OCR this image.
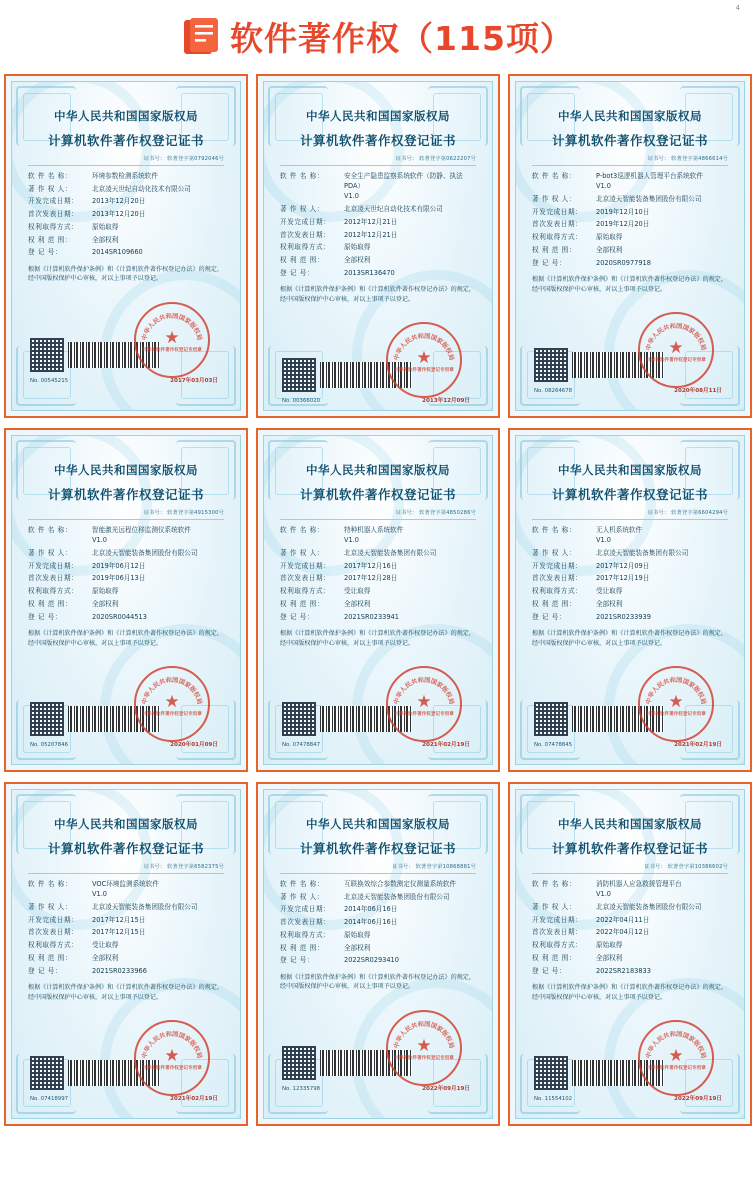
软件著作权（115项）
中华人民共和国国家版权局
计算机软件著作权登记证书
证书号： 软著登字第0792046号
软 件 名 称：	环境参数检测系统软件
著 作 权 人：	北京凌天世纪自动化技术有限公司
开发完成日期：	2013年12月20日
首次发表日期：	2013年12月20日
权利取得方式：	原始取得
权 利 范 围：	全部权利
登 记 号：	2014SR109660
根据《计算机软件保护条例》和《计算机软件著作权登记办法》的规定，经中国版权保护中心审核，对以上事项予以登记。
No. 00545215	2017年03月03日
中华人民共和国国家版权局
★
计算机软件著作权登记专用章
中华人民共和国国家版权局
计算机软件著作权登记证书
证书号： 软著登字第0622207号
软 件 名 称：	安全生产隐患监察系统软件（防静、执法PDA）
V1.0
著 作 权 人：	北京凌天世纪自动化技术有限公司
开发完成日期：	2012年12月21日
首次发表日期：	2012年12月21日
权利取得方式：	原始取得
权 利 范 围：	全部权利
登 记 号：	2013SR136470
根据《计算机软件保护条例》和《计算机软件著作权登记办法》的规定，经中国版权保护中心审核，对以上事项予以登记。
No. 00366020	2013年12月09日
中华人民共和国国家版权局
★
计算机软件著作权登记专用章
中华人民共和国国家版权局
计算机软件著作权登记证书
证书号： 软著登字第4866614号
软 件 名 称：	P-bot3巡逻机器人管理平台系统软件
V1.0
著 作 权 人：	北京凌天智能装备集团股份有限公司
开发完成日期：	2019年12月10日
首次发表日期：	2019年12月20日
权利取得方式：	原始取得
权 利 范 围：	全部权利
登 记 号：	2020SR0977918
根据《计算机软件保护条例》和《计算机软件著作权登记办法》的规定，经中国版权保护中心审核，对以上事项予以登记。
No. 08264678	2020年08月11日
中华人民共和国国家版权局
★
计算机软件著作权登记专用章
中华人民共和国国家版权局
计算机软件著作权登记证书
证书号： 软著登字第4915300号
软 件 名 称：	智能激光远程位移监测仪系统软件
V1.0
著 作 权 人：	北京凌天智能装备集团股份有限公司
开发完成日期：	2019年06月12日
首次发表日期：	2019年06月13日
权利取得方式：	原始取得
权 利 范 围：	全部权利
登 记 号：	2020SR0044513
根据《计算机软件保护条例》和《计算机软件著作权登记办法》的规定，经中国版权保护中心审核，对以上事项予以登记。
No. 05207846	2020年01月09日
中华人民共和国国家版权局
★
计算机软件著作权登记专用章
中华人民共和国国家版权局
计算机软件著作权登记证书
证书号： 软著登字第4850286号
软 件 名 称：	特种机器人系统软件
V1.0
著 作 权 人：	北京凌天智能装备集团有限公司
开发完成日期：	2017年12月16日
首次发表日期：	2017年12月28日
权利取得方式：	受让取得
权 利 范 围：	全部权利
登 记 号：	2021SR0233941
根据《计算机软件保护条例》和《计算机软件著作权登记办法》的规定，经中国版权保护中心审核，对以上事项予以登记。
No. 07478847	2021年02月19日
中华人民共和国国家版权局
★
计算机软件著作权登记专用章
中华人民共和国国家版权局
计算机软件著作权登记证书
证书号： 软著登字第6604294号
软 件 名 称：	无人机系统软件
V1.0
著 作 权 人：	北京凌天智能装备集团有限公司
开发完成日期：	2017年12月09日
首次发表日期：	2017年12月19日
权利取得方式：	受让取得
权 利 范 围：	全部权利
登 记 号：	2021SR0233939
根据《计算机软件保护条例》和《计算机软件著作权登记办法》的规定，经中国版权保护中心审核，对以上事项予以登记。
No. 07478845	2021年02月19日
中华人民共和国国家版权局
★
计算机软件著作权登记专用章
中华人民共和国国家版权局
计算机软件著作权登记证书
证书号： 软著登字第6582375号
软 件 名 称：	VOC环境监测系统软件
V1.0
著 作 权 人：	北京凌天智能装备集团股份有限公司
开发完成日期：	2017年12月15日
首次发表日期：	2017年12月15日
权利取得方式：	受让取得
权 利 范 围：	全部权利
登 记 号：	2021SR0233966
根据《计算机软件保护条例》和《计算机软件著作权登记办法》的规定，经中国版权保护中心审核，对以上事项予以登记。
No. 07418997	2021年02月19日
中华人民共和国国家版权局
★
计算机软件著作权登记专用章
中华人民共和国国家版权局
计算机软件著作权登记证书
证书号： 软著登字第10868881号
软 件 名 称：	互联换效综合参数测定仪测量系统软件
著 作 权 人：	北京凌天智能装备集团股份有限公司
开发完成日期：	2014年06月16日
首次发表日期：	2014年06月16日
权利取得方式：	原始取得
权 利 范 围：	全部权利
登 记 号：	2022SR0293410
根据《计算机软件保护条例》和《计算机软件著作权登记办法》的规定，经中国版权保护中心审核，对以上事项予以登记。
No. 12335798	2022年09月19日
中华人民共和国国家版权局
★
计算机软件著作权登记专用章
中华人民共和国国家版权局
计算机软件著作权登记证书
证书号： 软著登字第10386602号
软 件 名 称：	消防机器人应急救援管理平台
V1.0
著 作 权 人：	北京凌天智能装备集团股份有限公司
开发完成日期：	2022年04月11日
首次发表日期：	2022年04月12日
权利取得方式：	原始取得
权 利 范 围：	全部权利
登 记 号：	2022SR2183833
根据《计算机软件保护条例》和《计算机软件著作权登记办法》的规定，经中国版权保护中心审核，对以上事项予以登记。
No. 11554102	2022年09月19日
中华人民共和国国家版权局
★
计算机软件著作权登记专用章
4
